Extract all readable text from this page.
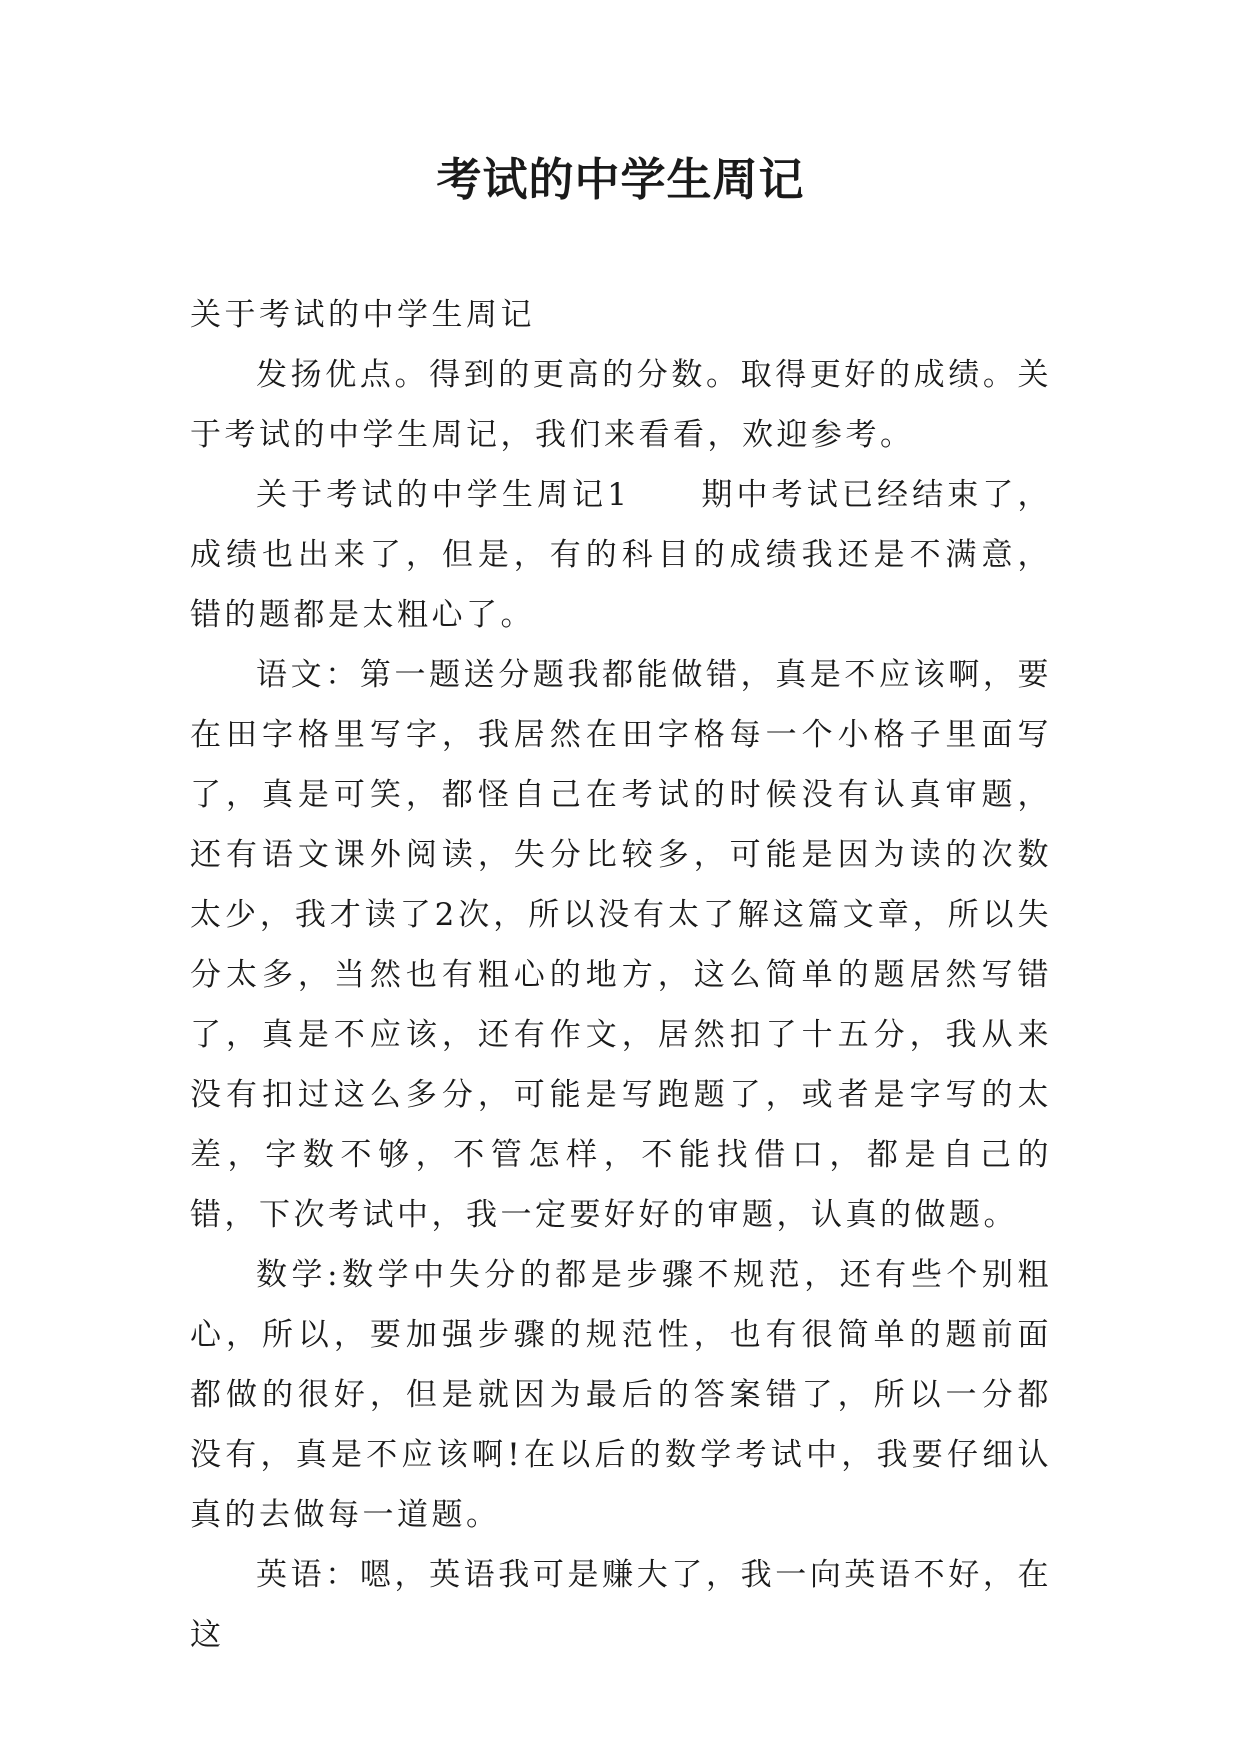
考试的中学生周记

关于考试的中学生周记

发扬优点。得到的更高的分数。取得更好的成绩。关于考试的中学生周记，我们来看看，欢迎参考。

关于考试的中学生周记1　　期中考试已经结束了，成绩也出来了，但是，有的科目的成绩我还是不满意，错的题都是太粗心了。

语文：第一题送分题我都能做错，真是不应该啊，要在田字格里写字，我居然在田字格每一个小格子里面写了，真是可笑，都怪自己在考试的时候没有认真审题，还有语文课外阅读，失分比较多，可能是因为读的次数太少，我才读了2次，所以没有太了解这篇文章，所以失分太多，当然也有粗心的地方，这么简单的题居然写错了，真是不应该，还有作文，居然扣了十五分，我从来没有扣过这么多分，可能是写跑题了，或者是字写的太差，字数不够，不管怎样，不能找借口，都是自己的错，下次考试中，我一定要好好的审题，认真的做题。

数学:数学中失分的都是步骤不规范，还有些个别粗心，所以，要加强步骤的规范性，也有很简单的题前面都做的很好，但是就因为最后的答案错了，所以一分都没有，真是不应该啊!在以后的数学考试中，我要仔细认真的去做每一道题。

英语：嗯，英语我可是赚大了，我一向英语不好，在这
